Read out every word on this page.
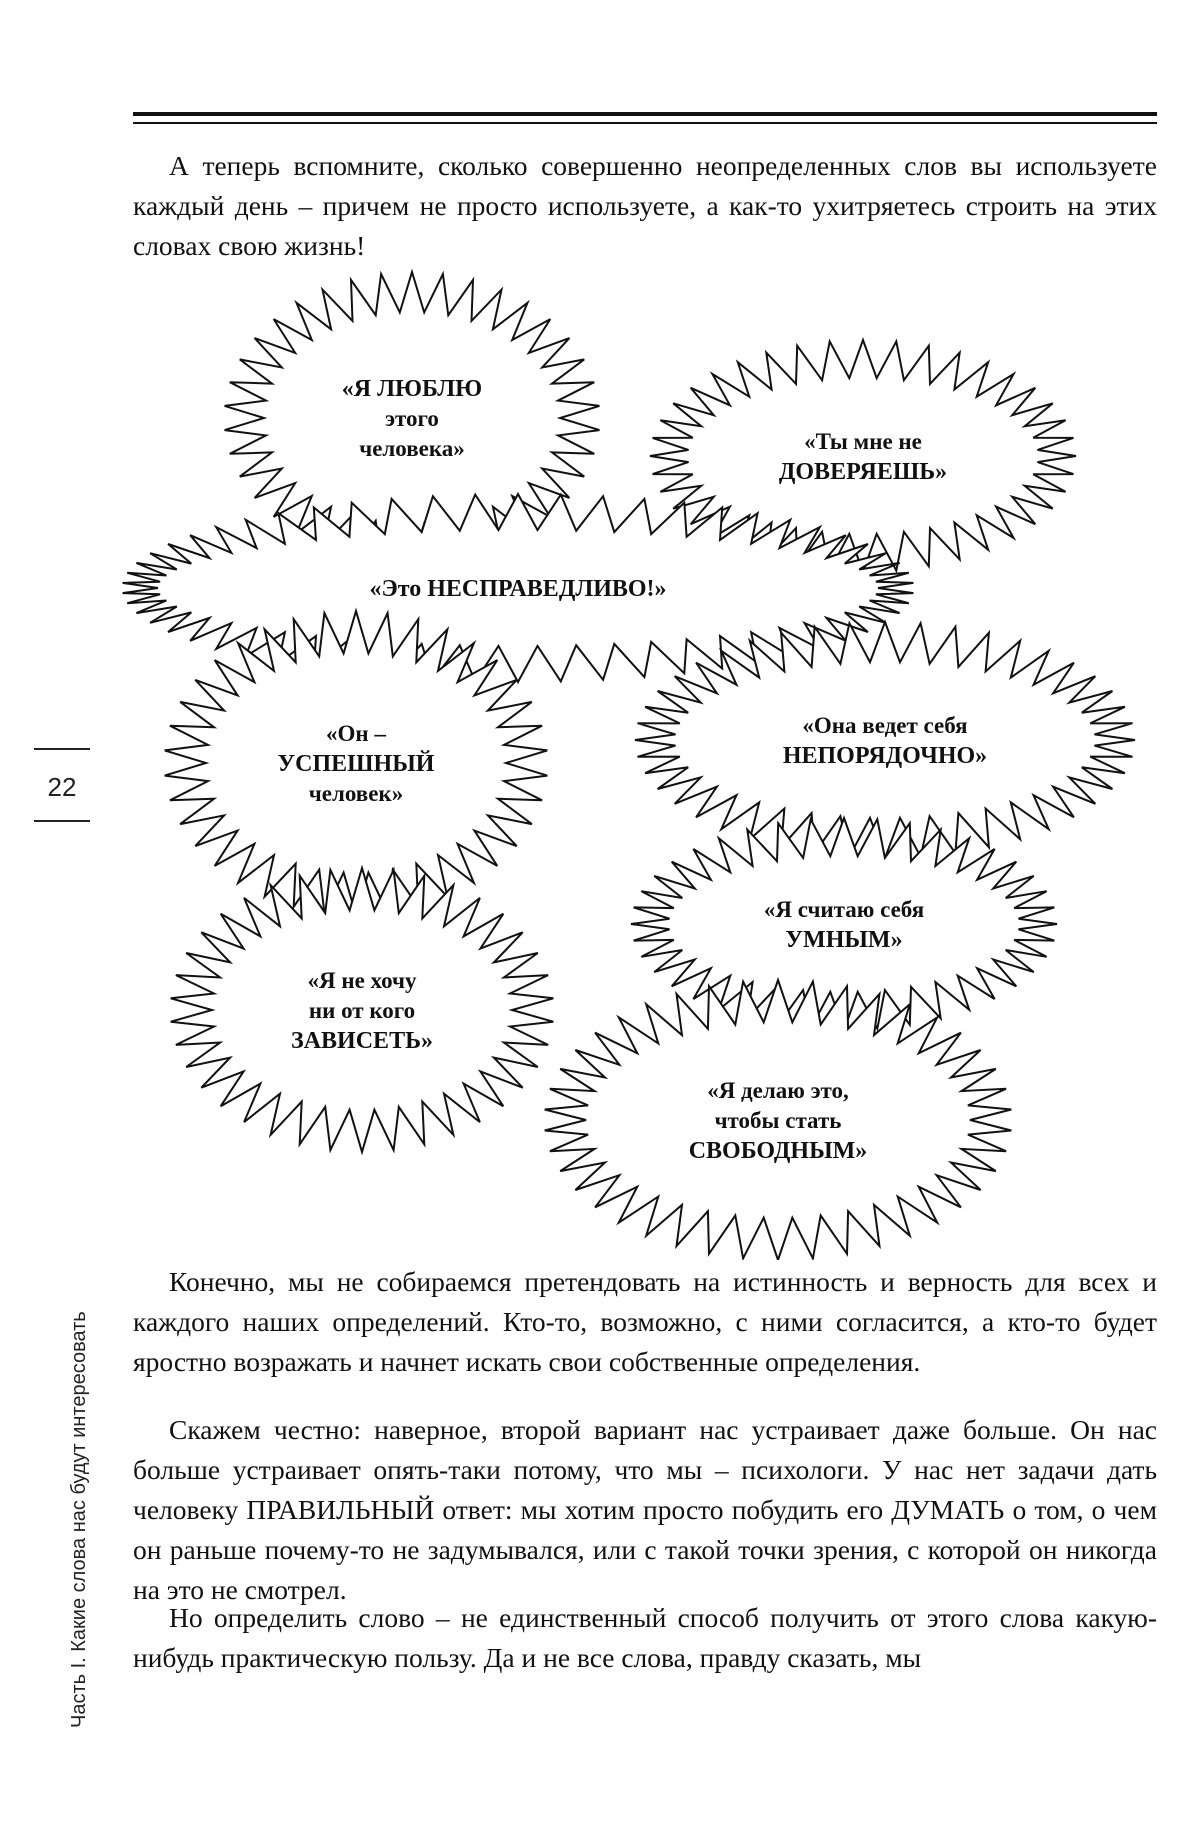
А теперь вспомните, сколько совершенно неопределенных слов вы используете каждый день – причем не просто используете, а как-то ухитряетесь строить на этих словах свою жизнь!

«Я ЛЮБЛЮ
этого
человека»	«Ты мне не
ДОВЕРЯЕШЬ»
«Это НЕСПРАВЕДЛИВО!»
«Он –
УСПЕШНЫЙ
человек»
«Она ведет себя
НЕПОРЯДОЧНО»
«Я считаю себя
УМНЫМ»
«Я не хочу
ни от кого
ЗАВИСЕТЬ»
«Я делаю это,
чтобы стать
СВОБОДНЫМ»

Конечно, мы не собираемся претендовать на истинность и верность для всех и каждого наших определений. Кто-то, возможно, с ними согласится, а кто-то будет яростно возражать и начнет искать свои собственные определения.

Скажем честно: наверное, второй вариант нас устраивает даже больше. Он нас больше устраивает опять-таки потому, что мы – психологи. У нас нет задачи дать человеку ПРАВИЛЬНЫЙ ответ: мы хотим просто побудить его ДУМАТЬ о том, о чем он раньше почему-то не задумывался, или с такой точки зрения, с которой он никогда на это не смотрел.

Но определить слово – не единственный способ получить от этого слова какую-нибудь практическую пользу. Да и не все слова, правду сказать, мы

22
Часть I. Какие слова нас будут интересовать
